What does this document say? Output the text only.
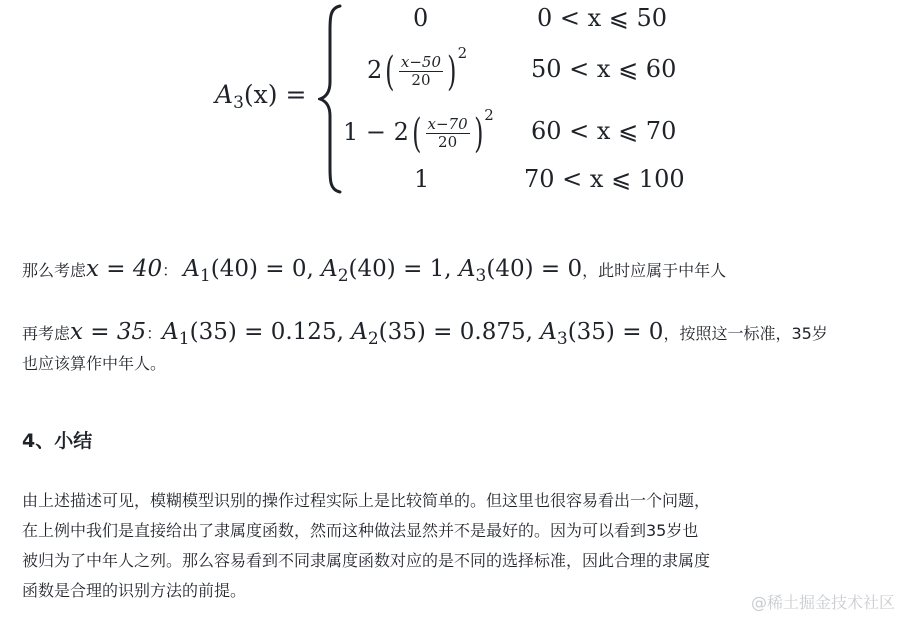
$A_3(x)$ =
0	0 < x ⩽ 50
$2( \frac{x-50}{20} )2$
50 < x ⩽ 60
$1 - 2( \frac{x-70}{20} )2$
60 < x ⩽ 70
1	70 < x ⩽ 100
那么考虑x = 40： $A_1(40) = 0$, $A_2(40) = 1$, $A_3(40) = 0$，此时应属于中年人
再考虑x = 35：$A_1(35) = 0.125$, $A_2(35) = 0.875$, $A_3(35) = 0$，按照这一标准，35岁
也应该算作中年人。
4、小结
由上述描述可见，模糊模型识别的操作过程实际上是比较简单的。但这里也很容易看出一个问题，
在上例中我们是直接给出了隶属度函数，然而这种做法显然并不是最好的。因为可以看到35岁也
被归为了中年人之列。那么容易看到不同隶属度函数对应的是不同的选择标准，因此合理的隶属度
函数是合理的识别方法的前提。
@稀土掘金技术社区
